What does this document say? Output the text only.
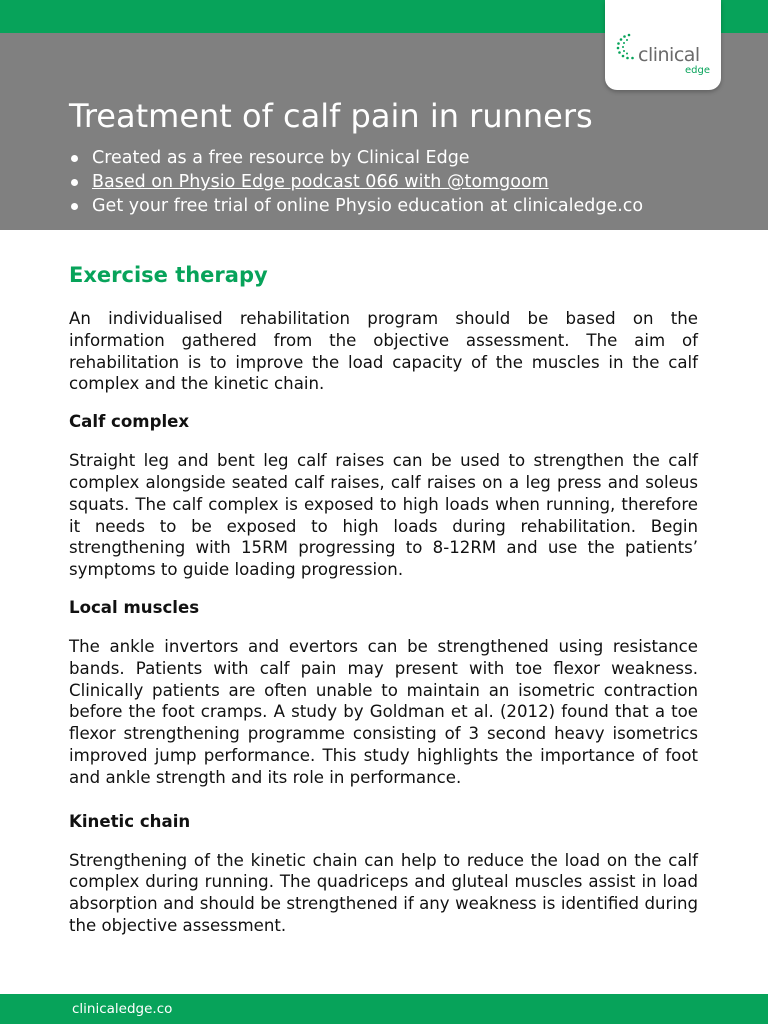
Treatment of calf pain in runners
Created as a free resource by Clinical Edge
Based on Physio Edge podcast 066 with @tomgoom
Get your free trial of online Physio education at clinicaledge.co
clinical
edge
Exercise therapy

An individualised rehabilitation program should be based on the information gathered from the objective assessment. The aim of rehabilitation is to improve the load capacity of the muscles in the calf complex and the kinetic chain.

Calf complex

Straight leg and bent leg calf raises can be used to strengthen the calf complex alongside seated calf raises, calf raises on a leg press and soleus squats. The calf complex is exposed to high loads when running, therefore it needs to be exposed to high loads during rehabilitation. Begin strengthening with 15RM progressing to 8-12RM and use the patients’ symptoms to guide loading progression.

Local muscles

The ankle invertors and evertors can be strengthened using resistance bands. Patients with calf pain may present with toe flexor weakness. Clinically patients are often unable to maintain an isometric contraction before the foot cramps. A study by Goldman et al. (2012) found that a toe flexor strengthening programme consisting of 3 second heavy isometrics improved jump performance. This study highlights the importance of foot and ankle strength and its role in performance.

Kinetic chain

Strengthening of the kinetic chain can help to reduce the load on the calf complex during running. The quadriceps and gluteal muscles assist in load absorption and should be strengthened if any weakness is identified during the objective assessment.

clinicaledge.co
